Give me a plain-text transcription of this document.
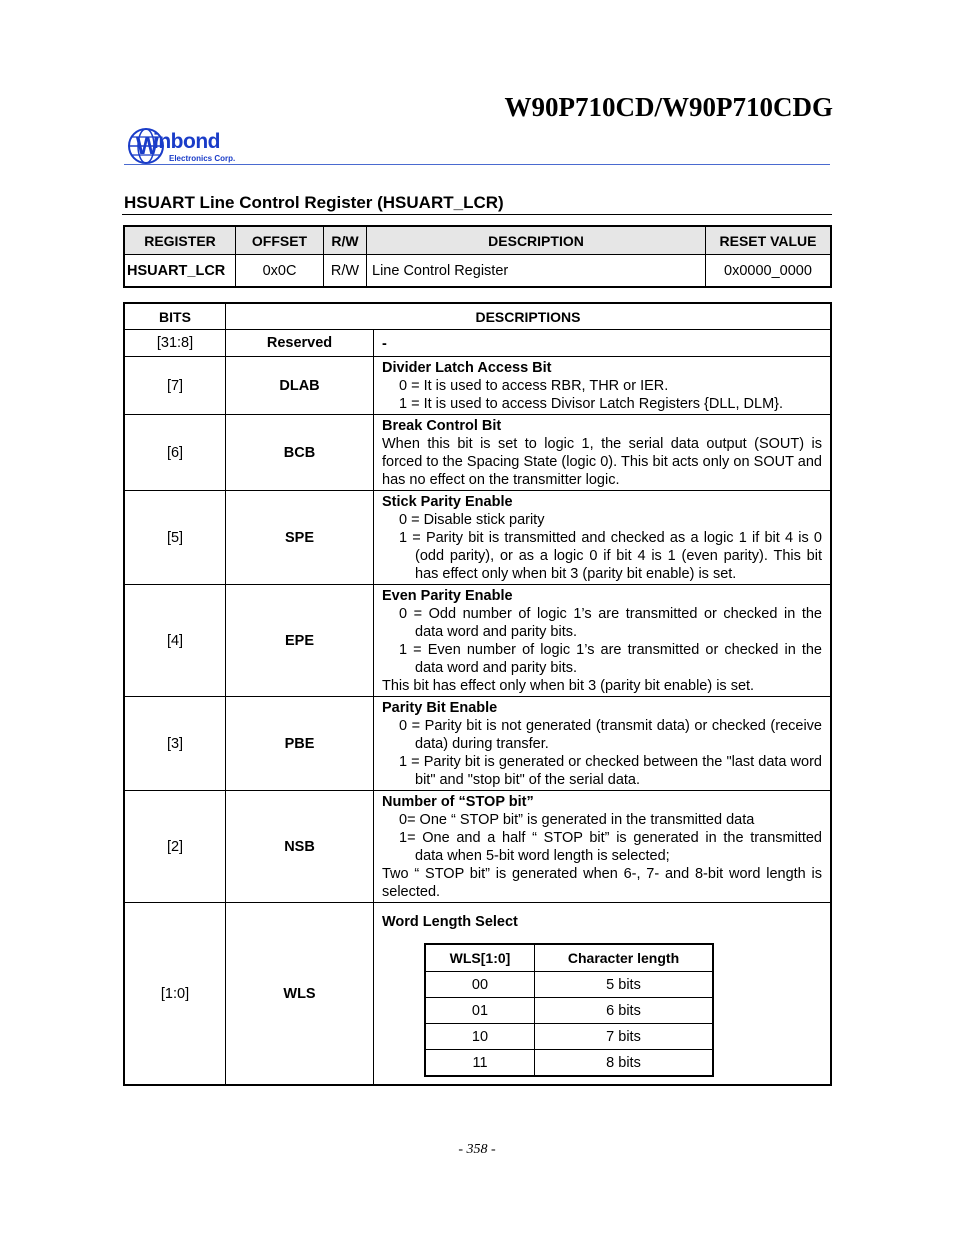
W90P710CD/W90P710CDG
W
inbond
Electronics Corp.
HSUART Line Control Register (HSUART_LCR)
REGISTER	OFFSET	R/W	DESCRIPTION	RESET VALUE
HSUART_LCR	0x0C	R/W	Line Control Register	0x0000_0000
BITS	DESCRIPTIONS
[31:8]	Reserved	-
[7]	DLAB	
Divider Latch Access Bit
0 = It is used to access RBR, THR or IER.
1 = It is used to access Divisor Latch Registers {DLL, DLM}.

[6]	BCB	
Break Control Bit
When this bit is set to logic 1, the serial data output (SOUT) is forced to the Spacing State (logic 0). This bit acts only on SOUT and has no effect on the transmitter logic.

[5]	SPE	
Stick Parity Enable
0 = Disable stick parity
1 = Parity bit is transmitted and checked as a logic 1 if bit 4 is 0 (odd parity), or as a logic 0 if bit 4 is 1 (even parity). This bit has effect only when bit 3 (parity bit enable) is set.

[4]	EPE	
Even Parity Enable
0 = Odd number of logic 1’s are transmitted or checked in the data word and parity bits.
1 = Even number of logic 1’s are transmitted or checked in the data word and parity bits.
This bit has effect only when bit 3 (parity bit enable) is set.

[3]	PBE	
Parity Bit Enable
0 = Parity bit is not generated (transmit data) or checked (receive data) during transfer.
1 = Parity bit is generated or checked between the "last data word bit" and "stop bit" of the serial data.

[2]	NSB	
Number of “STOP bit”
0= One “ STOP bit” is generated in the transmitted data
1= One and a half “ STOP bit” is generated in the transmitted data when 5-bit word length is selected;
Two “ STOP bit” is generated when 6-, 7- and 8-bit word length is selected.

[1:0]	WLS	
Word Length Select
WLS[1:0]	Character length
00	5 bits
01	6 bits
10	7 bits
11	8 bits
- 358 -
